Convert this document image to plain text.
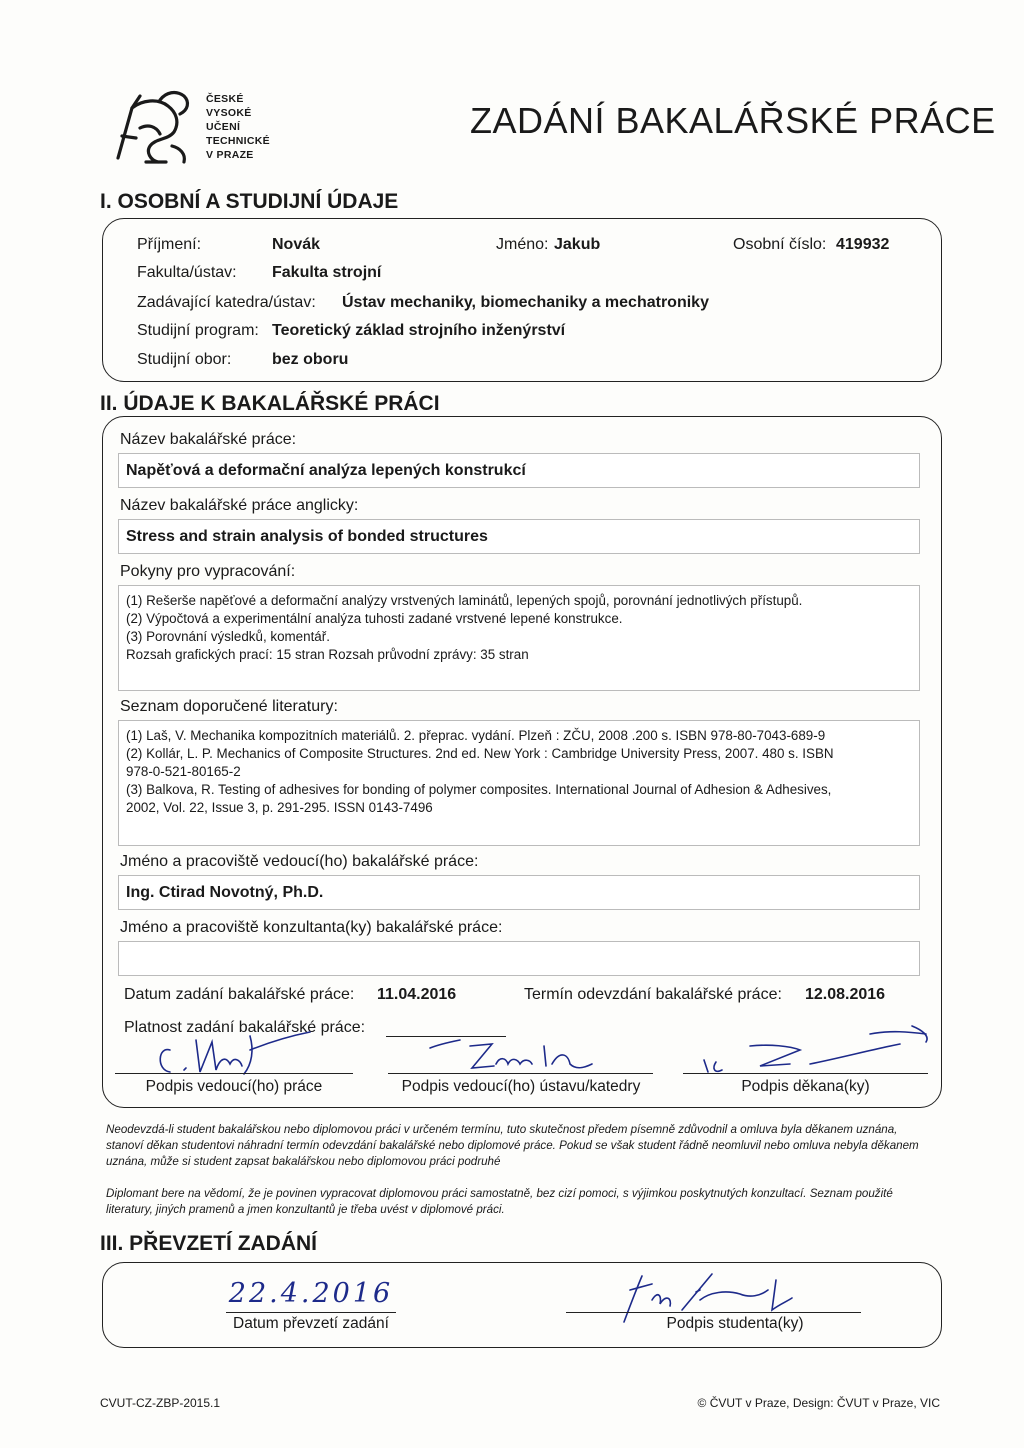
ČESKÉ
VYSOKÉ
UČENÍ
TECHNICKÉ
V PRAZE
ZADÁNÍ BAKALÁŘSKÉ PRÁCE
I. OSOBNÍ A STUDIJNÍ ÚDAJE
Příjmení:	Novák	Jméno: Jakub	Osobní číslo: 419932
Fakulta/ústav: Fakulta strojní
Zadávající katedra/ústav: Ústav mechaniky, biomechaniky a mechatroniky
Studijní program: Teoretický základ strojního inženýrství
Studijní obor:	bez oboru
II. ÚDAJE K BAKALÁŘSKÉ PRÁCI
Název bakalářské práce:
Napěťová a deformační analýza lepených konstrukcí
Název bakalářské práce anglicky:
Stress and strain analysis of bonded structures
Pokyny pro vypracování:
(1) Rešerše napěťové a deformační analýzy vrstvených laminátů, lepených spojů, porovnání jednotlivých přístupů.
(2) Výpočtová a experimentální analýza tuhosti zadané vrstvené lepené konstrukce.
(3) Porovnání výsledků, komentář.
Rozsah grafických prací: 15 stran Rozsah průvodní zprávy: 35 stran
Seznam doporučené literatury:
(1) Laš, V. Mechanika kompozitních materiálů. 2. přeprac. vydání. Plzeň : ZČU, 2008 .200 s. ISBN 978-80-7043-689-9
(2) Kollár, L. P. Mechanics of Composite Structures. 2nd ed. New York : Cambridge University Press, 2007. 480 s. ISBN
978-0-521-80165-2
(3) Balkova, R. Testing of adhesives for bonding of polymer composites. International Journal of Adhesion & Adhesives,
2002, Vol. 22, Issue 3, p. 291-295. ISSN 0143-7496
Jméno a pracoviště vedoucí(ho) bakalářské práce:
Ing. Ctirad Novotný, Ph.D.
Jméno a pracoviště konzultanta(ky) bakalářské práce:
Datum zadání bakalářské práce: 11.04.2016	Termín odevzdání bakalářské práce: 12.08.2016
Platnost zadání bakalářské práce:
Podpis vedoucí(ho) práce	Podpis vedoucí(ho) ústavu/katedry	Podpis děkana(ky)
Neodevzdá-li student bakalářskou nebo diplomovou práci v určeném termínu, tuto skutečnost předem písemně zdůvodnil a omluva byla děkanem uznána, stanoví děkan studentovi náhradní termín odevzdání bakalářské nebo diplomové práce. Pokud se však student řádně neomluvil nebo omluva nebyla děkanem uznána, může si student zapsat bakalářskou nebo diplomovou práci podruhé
Diplomant bere na vědomí, že je povinen vypracovat diplomovou práci samostatně, bez cizí pomoci, s výjimkou poskytnutých konzultací. Seznam použité literatury, jiných pramenů a jmen konzultantů je třeba uvést v diplomové práci.
III. PŘEVZETÍ ZADÁNÍ
22.4.2016
Datum převzetí zadání	Podpis studenta(ky)
CVUT-CZ-ZBP-2015.1	© ČVUT v Praze, Design: ČVUT v Praze, VIC
